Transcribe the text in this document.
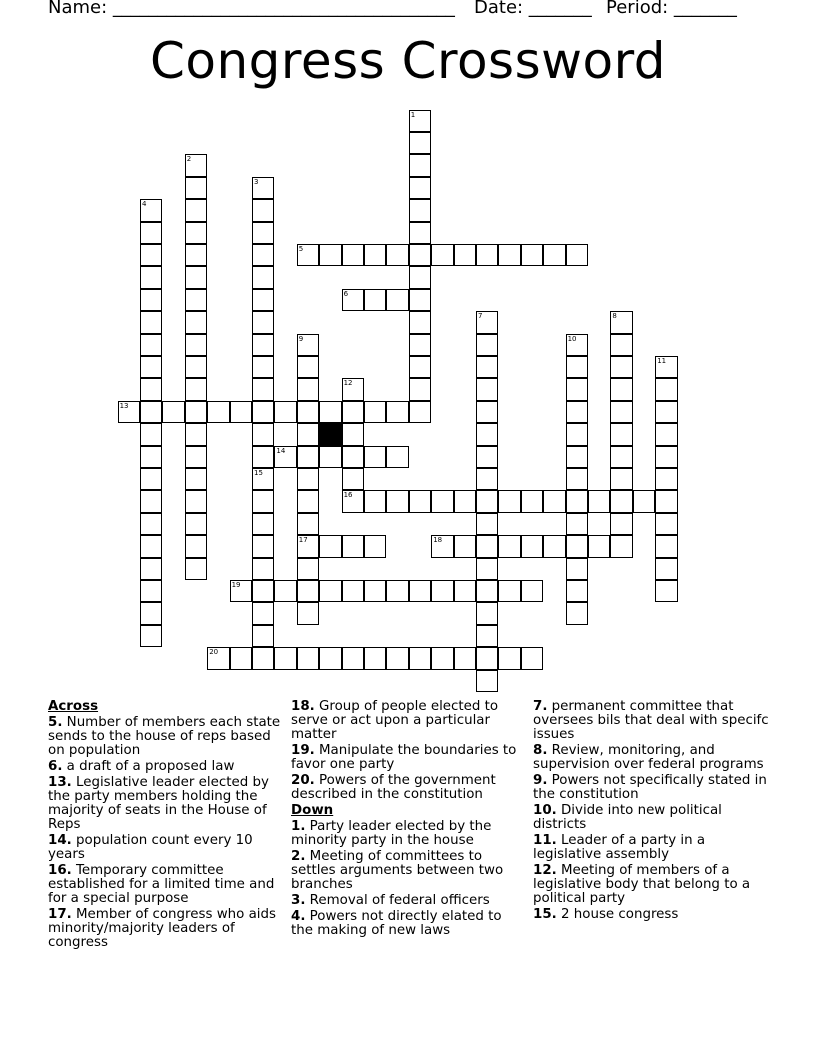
Name: ______________________________________ Date: _______ Period: _______
Congress Crossword
1
2
3
15
4
7	8
9
17
10
11
12
16
5
6
13
14
18
19
20
Across
5. Number of members each state sends to the house of reps based on population
6. a draft of a proposed law
13. Legislative leader elected by the party members holding the majority of seats in the House of Reps
14. population count every 10 years
16. Temporary committee established for a limited time and for a special purpose
17. Member of congress who aids minority/majority leaders of congress
18. Group of people elected to serve or act upon a particular matter
19. Manipulate the boundaries to favor one party
20. Powers of the government described in the constitution
Down
1. Party leader elected by the minority party in the house
2. Meeting of committees to settles arguments between two branches
3. Removal of federal officers
4. Powers not directly elated to the making of new laws
7. permanent committee that oversees bils that deal with specifc issues
8. Review, monitoring, and supervision over federal programs
9. Powers not specifically stated in the constitution
10. Divide into new political districts
11. Leader of a party in a legislative assembly
12. Meeting of members of a legislative body that belong to a political party
15. 2 house congress
